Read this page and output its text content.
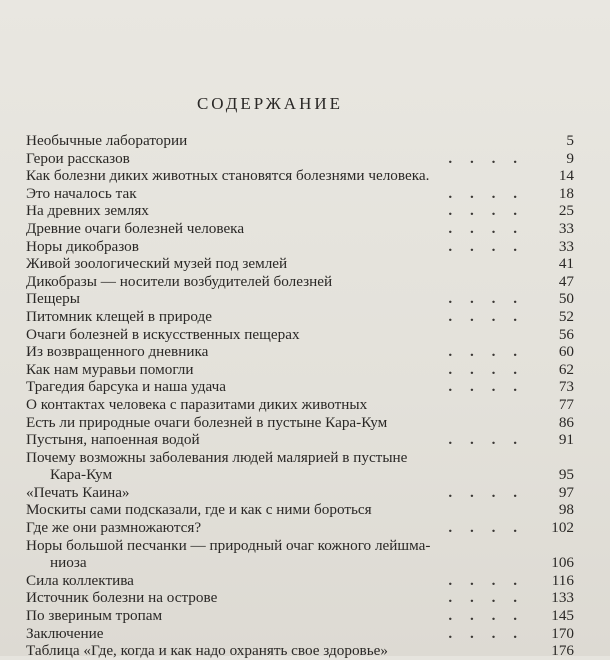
СОДЕРЖАНИЕ
Необычные лаборатории	5
Герои рассказов	. . . .	9
Как болезни диких животных становятся болезнями человека.	14
Это началось так	. . . .	18
На древних землях	. . . .	25
Древние очаги болезней человека	. . . .	33
Норы дикобразов	. . . .	33
Живой зоологический музей под землей	41
Дикобразы — носители возбудителей болезней	47
Пещеры	. . . .	50
Питомник клещей в природе	. . . .	52
Очаги болезней в искусственных пещерах	56
Из возвращенного дневника	. . . .	60
Как нам муравьи помогли	. . . .	62
Трагедия барсука и наша удача	. . . .	73
О контактах человека с паразитами диких животных	77
Есть ли природные очаги болезней в пустыне Кара-Кум	86
Пустыня, напоенная водой	. . . .	91
Почему возможны заболевания людей малярией в пустыне
Кара-Кум	95
«Печать Каина»	. . . .	97
Москиты сами подсказали, где и как с ними бороться	98
Где же они размножаются?	. . . .	102
Норы большой песчанки — природный очаг кожного лейшма-
ниоза	106
Сила коллектива	. . . .	116
Источник болезни на острове	. . . .	133
По звериным тропам	. . . .	145
Заключение	. . . .	170
Таблица «Где, когда и как надо охранять свое здоровье»	176
